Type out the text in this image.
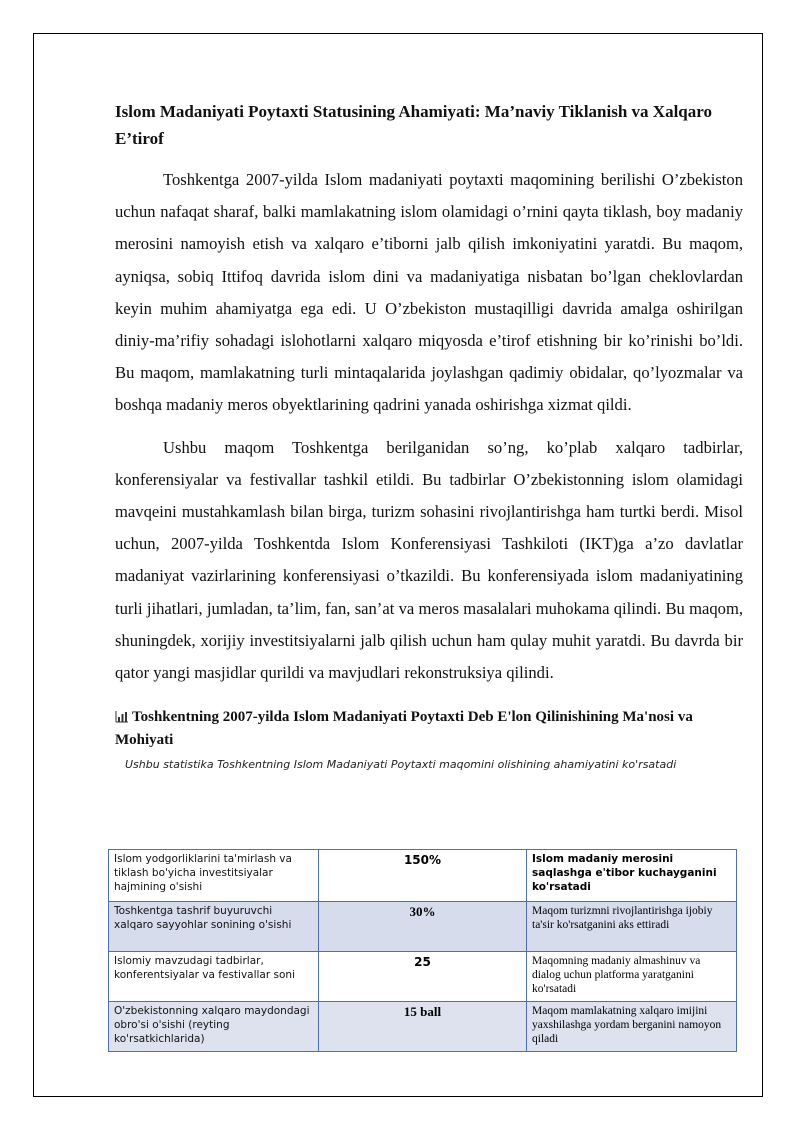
Islom Madaniyati Poytaxti Statusining Ahamiyati: Ma’naviy Tiklanish va Xalqaro E’tirof

Toshkentga 2007-yilda Islom madaniyati poytaxti maqomining berilishi O’zbekiston uchun nafaqat sharaf, balki mamlakatning islom olamidagi o’rnini qayta tiklash, boy madaniy merosini namoyish etish va xalqaro e’tiborni jalb qilish imkoniyatini yaratdi. Bu maqom, ayniqsa, sobiq Ittifoq davrida islom dini va madaniyatiga nisbatan bo’lgan cheklovlardan keyin muhim ahamiyatga ega edi. U O’zbekiston mustaqilligi davrida amalga oshirilgan diniy-ma’rifiy sohadagi islohotlarni xalqaro miqyosda e’tirof etishning bir ko’rinishi bo’ldi. Bu maqom, mamlakatning turli mintaqalarida joylashgan qadimiy obidalar, qo’lyozmalar va boshqa madaniy meros obyektlarining qadrini yanada oshirishga xizmat qildi.

Ushbu maqom Toshkentga berilganidan so’ng, ko’plab xalqaro tadbirlar, konferensiyalar va festivallar tashkil etildi. Bu tadbirlar O’zbekistonning islom olamidagi mavqeini mustahkamlash bilan birga, turizm sohasini rivojlantirishga ham turtki berdi. Misol uchun, 2007-yilda Toshkentda Islom Konferensiyasi Tashkiloti (IKT)ga a’zo davlatlar madaniyat vazirlarining konferensiyasi o’tkazildi. Bu konferensiyada islom madaniyatining turli jihatlari, jumladan, ta’lim, fan, san’at va meros masalalari muhokama qilindi. Bu maqom, shuningdek, xorijiy investitsiyalarni jalb qilish uchun ham qulay muhit yaratdi. Bu davrda bir qator yangi masjidlar qurildi va mavjudlari rekonstruksiya qilindi.

Toshkentning 2007-yilda Islom Madaniyati Poytaxti Deb E'lon Qilinishining Ma'nosi va Mohiyati

Ushbu statistika Toshkentning Islom Madaniyati Poytaxti maqomini olishining ahamiyatini ko'rsatadi

Islom yodgorliklarini ta'mirlash va tiklash bo'yicha investitsiyalar hajmining o'sishi	150%	Islom madaniy merosini saqlashga e'tibor kuchayganini ko'rsatadi
Toshkentga tashrif buyuruvchi xalqaro sayyohlar sonining o'sishi	30%	Maqom turizmni rivojlantirishga ijobiy ta'sir ko'rsatganini aks ettiradi
Islomiy mavzudagi tadbirlar, konferentsiyalar va festivallar soni	25	Maqomning madaniy almashinuv va dialog uchun platforma yaratganini ko'rsatadi
O'zbekistonning xalqaro maydondagi obro'si o'sishi (reyting ko'rsatkichlarida)	15 ball	Maqom mamlakatning xalqaro imijini yaxshilashga yordam berganini namoyon qiladi
